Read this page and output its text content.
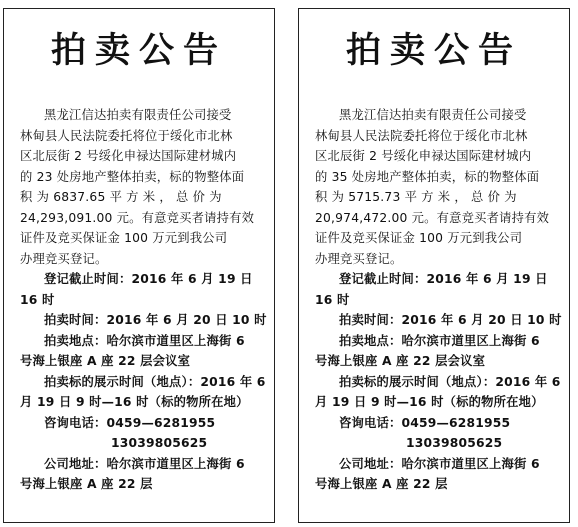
拍卖公告
黑龙江信达拍卖有限责任公司接受
林甸县人民法院委托将位于绥化市北林
区北辰街 2 号绥化申禄达国际建材城内
的 23 处房地产整体拍卖，标的物整体面
积 为 6837.65 平 方 米 ， 总 价 为
24,293,091.00 元。有意竞买者请持有效
证件及竞买保证金 100 万元到我公司
办理竞买登记。
登记截止时间：2016 年 6 月 19 日
16 时
拍卖时间：2016 年 6 月 20 日 10 时
拍卖地点：哈尔滨市道里区上海街 6
号海上银座 A 座 22 层会议室
拍卖标的展示时间（地点）：2016 年 6
月 19 日 9 时—16 时（标的物所在地）
咨询电话：0459—6281955
13039805625
公司地址：哈尔滨市道里区上海街 6
号海上银座 A 座 22 层
拍卖公告
黑龙江信达拍卖有限责任公司接受
林甸县人民法院委托将位于绥化市北林
区北辰街 2 号绥化申禄达国际建材城内
的 35 处房地产整体拍卖，标的物整体面
积 为 5715.73 平 方 米 ， 总 价 为
20,974,472.00 元。有意竞买者请持有效
证件及竞买保证金 100 万元到我公司
办理竞买登记。
登记截止时间：2016 年 6 月 19 日
16 时
拍卖时间：2016 年 6 月 20 日 10 时
拍卖地点：哈尔滨市道里区上海街 6
号海上银座 A 座 22 层会议室
拍卖标的展示时间（地点）：2016 年 6
月 19 日 9 时—16 时（标的物所在地）
咨询电话：0459—6281955
13039805625
公司地址：哈尔滨市道里区上海街 6
号海上银座 A 座 22 层
